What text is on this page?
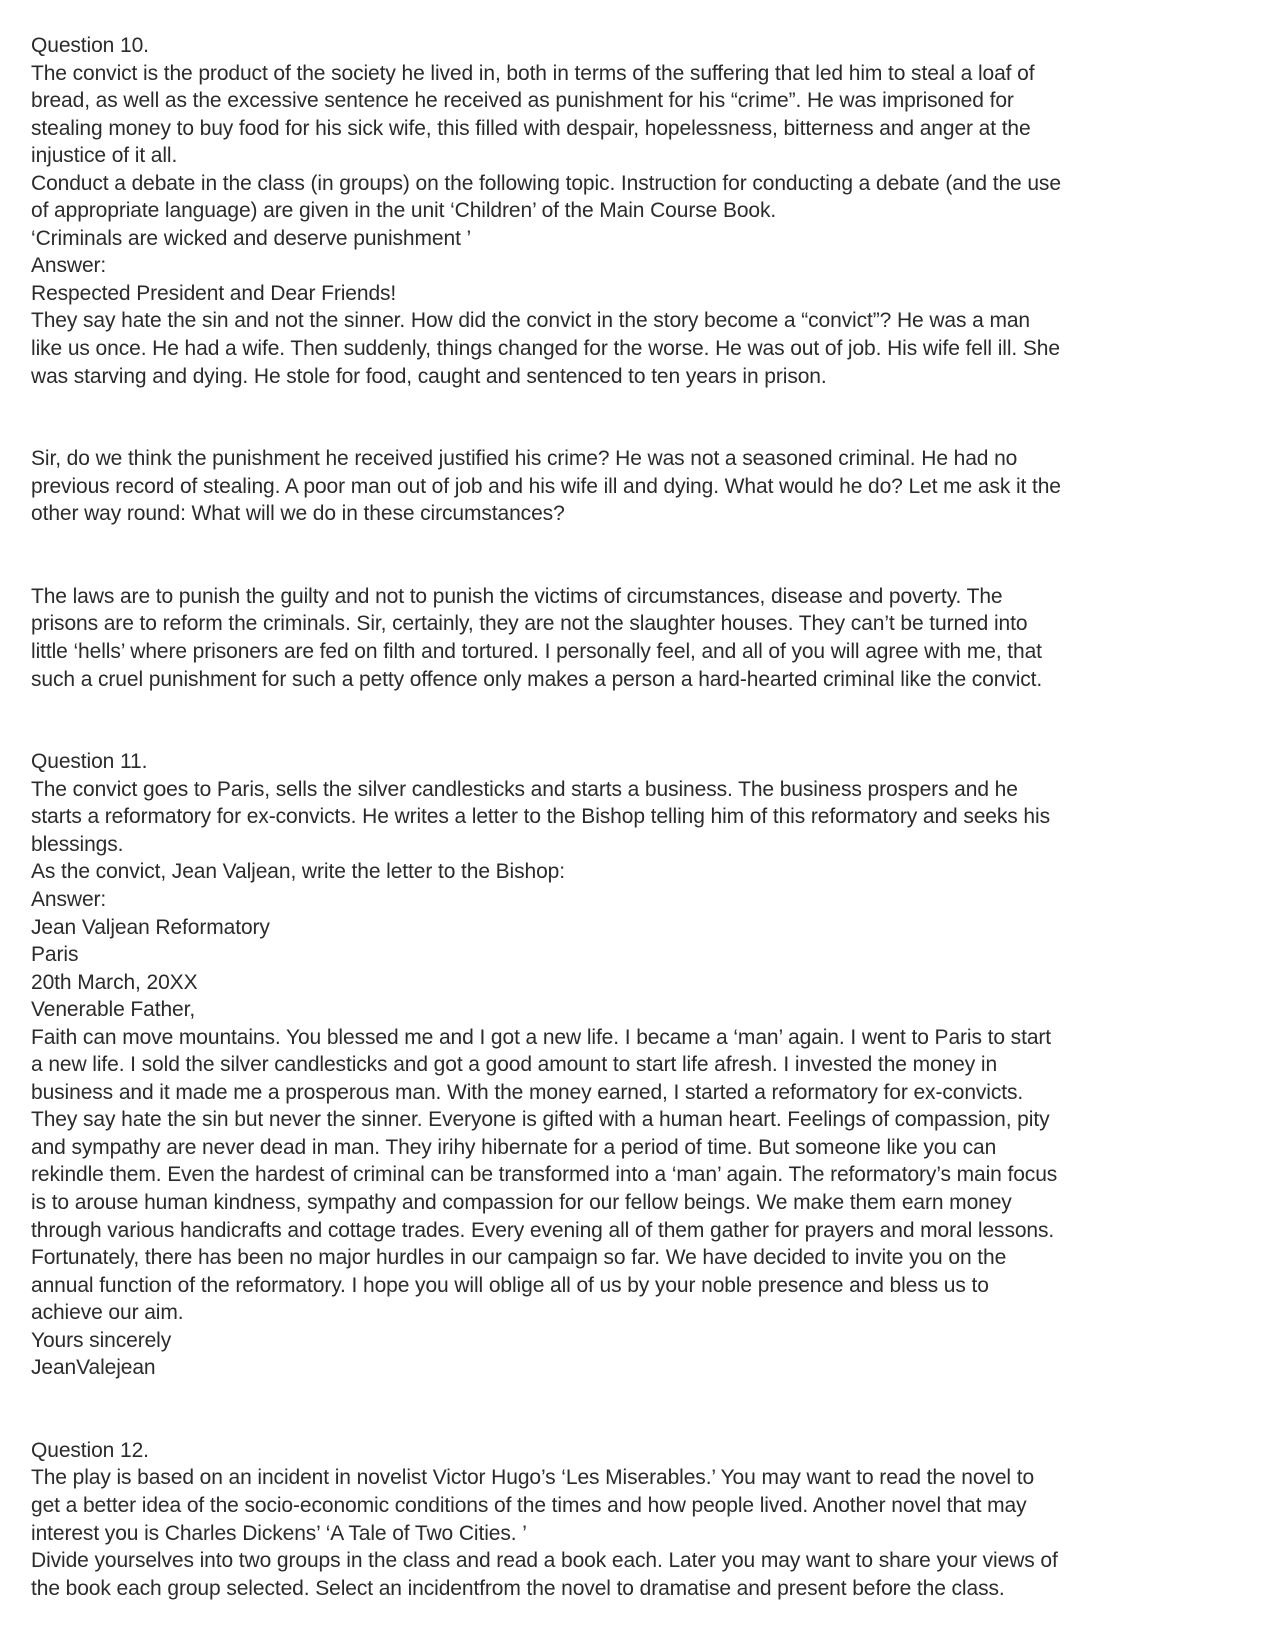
Question 10.
The convict is the product of the society he lived in, both in terms of the suffering that led him to steal a loaf of
bread, as well as the excessive sentence he received as punishment for his “crime”. He was imprisoned for
stealing money to buy food for his sick wife, this filled with despair, hopelessness, bitterness and anger at the
injustice of it all.
Conduct a debate in the class (in groups) on the following topic. Instruction for conducting a debate (and the use
of appropriate language) are given in the unit ‘Children’ of the Main Course Book.
‘Criminals are wicked and deserve punishment ’
Answer:
Respected President and Dear Friends!
They say hate the sin and not the sinner. How did the convict in the story become a “convict”? He was a man
like us once. He had a wife. Then suddenly, things changed for the worse. He was out of job. His wife fell ill. She
was starving and dying. He stole for food, caught and sentenced to ten years in prison.
Sir, do we think the punishment he received justified his crime? He was not a seasoned criminal. He had no
previous record of stealing. A poor man out of job and his wife ill and dying. What would he do? Let me ask it the
other way round: What will we do in these circumstances?
The laws are to punish the guilty and not to punish the victims of circumstances, disease and poverty. The
prisons are to reform the criminals. Sir, certainly, they are not the slaughter houses. They can’t be turned into
little ‘hells’ where prisoners are fed on filth and tortured. I personally feel, and all of you will agree with me, that
such a cruel punishment for such a petty offence only makes a person a hard-hearted criminal like the convict.
Question 11.
The convict goes to Paris, sells the silver candlesticks and starts a business. The business prospers and he
starts a reformatory for ex-convicts. He writes a letter to the Bishop telling him of this reformatory and seeks his
blessings.
As the convict, Jean Valjean, write the letter to the Bishop:
Answer:
Jean Valjean Reformatory
Paris
20th March, 20XX
Venerable Father,
Faith can move mountains. You blessed me and I got a new life. I became a ‘man’ again. I went to Paris to start
a new life. I sold the silver candlesticks and got a good amount to start life afresh. I invested the money in
business and it made me a prosperous man. With the money earned, I started a reformatory for ex-convicts.
They say hate the sin but never the sinner. Everyone is gifted with a human heart. Feelings of compassion, pity
and sympathy are never dead in man. They irihy hibernate for a period of time. But someone like you can
rekindle them. Even the hardest of criminal can be transformed into a ‘man’ again. The reformatory’s main focus
is to arouse human kindness, sympathy and compassion for our fellow beings. We make them earn money
through various handicrafts and cottage trades. Every evening all of them gather for prayers and moral lessons.
Fortunately, there has been no major hurdles in our campaign so far. We have decided to invite you on the
annual function of the reformatory. I hope you will oblige all of us by your noble presence and bless us to
achieve our aim.
Yours sincerely
JeanValejean
Question 12.
The play is based on an incident in novelist Victor Hugo’s ‘Les Miserables.’ You may want to read the novel to
get a better idea of the socio-economic conditions of the times and how people lived. Another novel that may
interest you is Charles Dickens’ ‘A Tale of Two Cities. ’
Divide yourselves into two groups in the class and read a book each. Later you may want to share your views of
the book each group selected. Select an incidentfrom the novel to dramatise and present before the class.
